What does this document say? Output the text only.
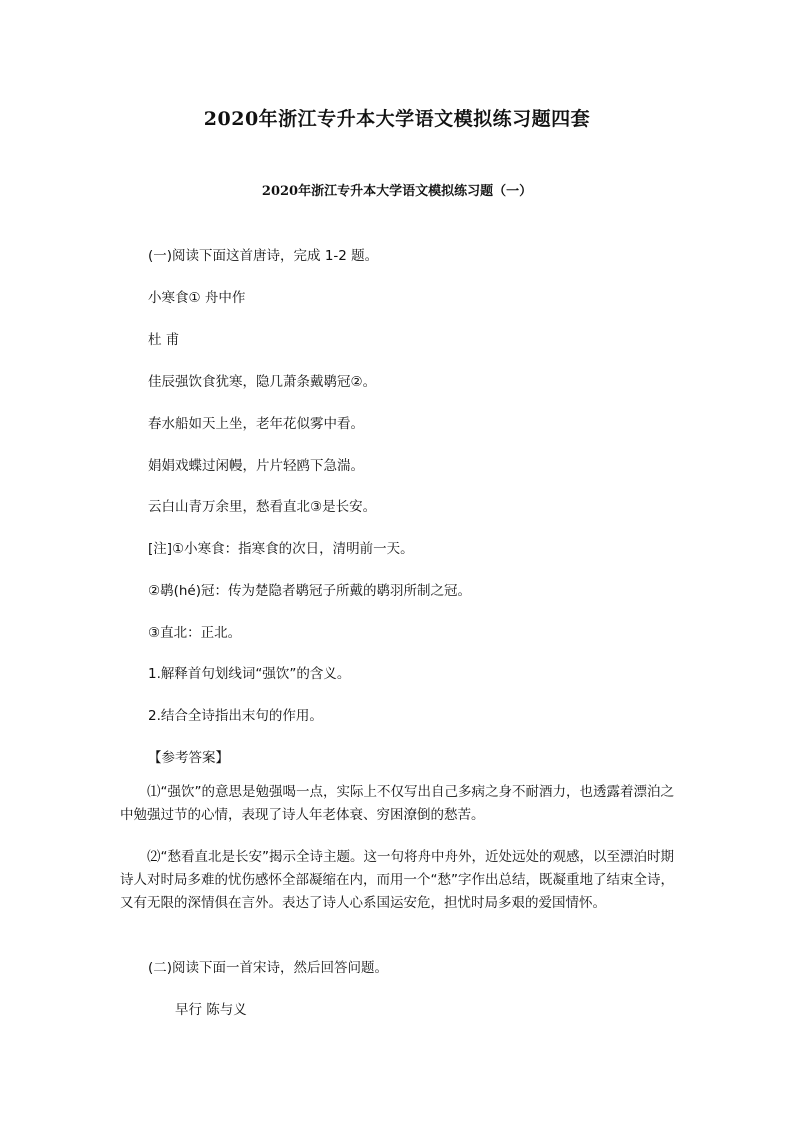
2020年浙江专升本大学语文模拟练习题四套
2020年浙江专升本大学语文模拟练习题（一）
(一)阅读下面这首唐诗，完成 1-2 题。
小寒食① 舟中作
杜 甫
佳辰强饮食犹寒，隐几萧条戴鹖冠②。
春水船如天上坐，老年花似雾中看。
娟娟戏蝶过闲幔，片片轻鸥下急湍。
云白山青万余里，愁看直北③是长安。
[注]①小寒食：指寒食的次日，清明前一天。
②鹖(hé)冠：传为楚隐者鹖冠子所戴的鹖羽所制之冠。
③直北：正北。
1.解释首句划线词“强饮”的含义。
2.结合全诗指出末句的作用。
【参考答案】
⑴“强饮”的意思是勉强喝一点，实际上不仅写出自己多病之身不耐酒力，也透露着漂泊之中勉强过节的心情，表现了诗人年老体衰、穷困潦倒的愁苦。
⑵“愁看直北是长安”揭示全诗主题。这一句将舟中舟外，近处远处的观感，以至漂泊时期诗人对时局多难的忧伤感怀全部凝缩在内，而用一个“愁”字作出总结，既凝重地了结束全诗，又有无限的深情俱在言外。表达了诗人心系国运安危，担忧时局多艰的爱国情怀。
(二)阅读下面一首宋诗，然后回答问题。
早行 陈与义
